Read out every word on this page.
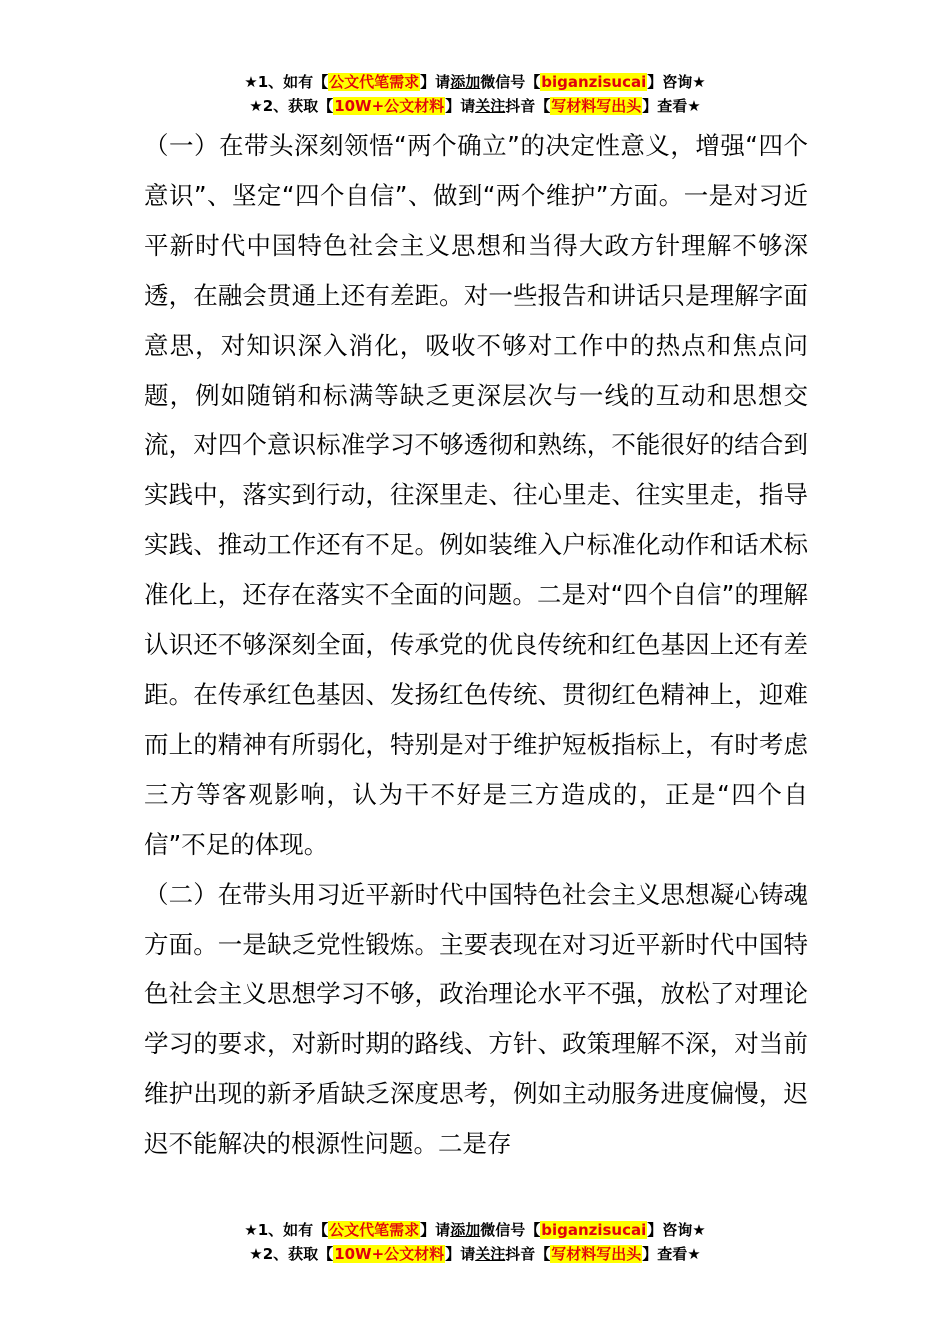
★1、如有【公文代笔需求】请添加微信号【biganzisucai】咨询★
★2、获取【10W+公文材料】请关注抖音【写材料写出头】查看★

（一）在带头深刻领悟“两个确立”的决定性意义，增强“四个意识”、坚定“四个自信”、做到“两个维护”方面。一是对习近平新时代中国特色社会主义思想和当得大政方针理解不够深透，在融会贯通上还有差距。对一些报告和讲话只是理解字面意思，对知识深入消化，吸收不够对工作中的热点和焦点问题，例如随销和标满等缺乏更深层次与一线的互动和思想交流，对四个意识标准学习不够透彻和熟练，不能很好的结合到实践中，落实到行动，往深里走、往心里走、往实里走，指导实践、推动工作还有不足。例如装维入户标准化动作和话术标准化上，还存在落实不全面的问题。二是对“四个自信”的理解认识还不够深刻全面，传承党的优良传统和红色基因上还有差距。在传承红色基因、发扬红色传统、贯彻红色精神上，迎难而上的精神有所弱化，特别是对于维护短板指标上，有时考虑三方等客观影响，认为干不好是三方造成的，正是“四个自信”不足的体现。

（二）在带头用习近平新时代中国特色社会主义思想凝心铸魂方面。一是缺乏党性锻炼。主要表现在对习近平新时代中国特色社会主义思想学习不够，政治理论水平不强，放松了对理论学习的要求，对新时期的路线、方针、政策理解不深，对当前维护出现的新矛盾缺乏深度思考，例如主动服务进度偏慢，迟迟不能解决的根源性问题。二是存

★1、如有【公文代笔需求】请添加微信号【biganzisucai】咨询★
★2、获取【10W+公文材料】请关注抖音【写材料写出头】查看★
